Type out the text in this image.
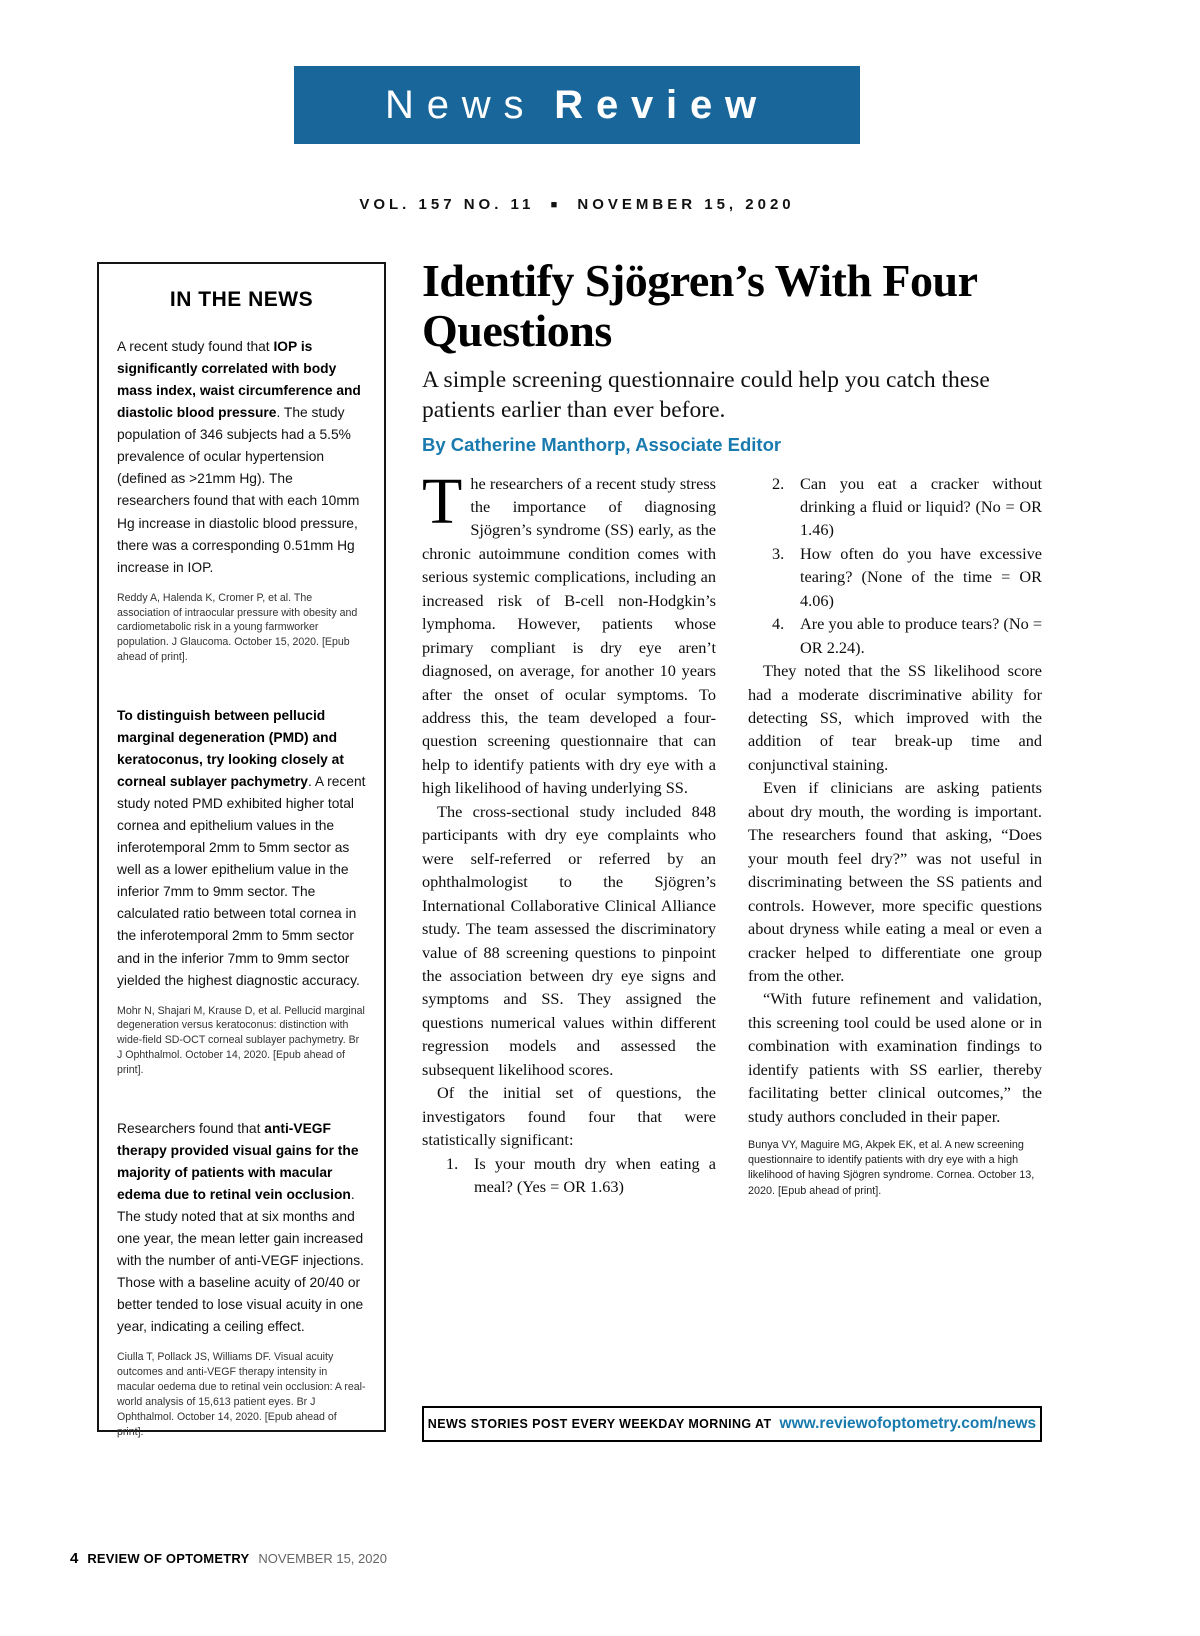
News Review
VOL. 157 NO. 11 ■ NOVEMBER 15, 2020
IN THE NEWS

A recent study found that IOP is significantly correlated with body mass index, waist circumference and diastolic blood pressure. The study population of 346 subjects had a 5.5% prevalence of ocular hypertension (defined as >21mm Hg). The researchers found that with each 10mm Hg increase in diastolic blood pressure, there was a corresponding 0.51mm Hg increase in IOP.

Reddy A, Halenda K, Cromer P, et al. The association of intraocular pressure with obesity and cardiometabolic risk in a young farmworker population. J Glaucoma. October 15, 2020. [Epub ahead of print].

To distinguish between pellucid marginal degeneration (PMD) and keratoconus, try looking closely at corneal sublayer pachymetry. A recent study noted PMD exhibited higher total cornea and epithelium values in the inferotemporal 2mm to 5mm sector as well as a lower epithelium value in the inferior 7mm to 9mm sector. The calculated ratio between total cornea in the inferotemporal 2mm to 5mm sector and in the inferior 7mm to 9mm sector yielded the highest diagnostic accuracy.

Mohr N, Shajari M, Krause D, et al. Pellucid marginal degeneration versus keratoconus: distinction with wide-field SD-OCT corneal sublayer pachymetry. Br J Ophthalmol. October 14, 2020. [Epub ahead of print].

Researchers found that anti-VEGF therapy provided visual gains for the majority of patients with macular edema due to retinal vein occlusion. The study noted that at six months and one year, the mean letter gain increased with the number of anti-VEGF injections. Those with a baseline acuity of 20/40 or better tended to lose visual acuity in one year, indicating a ceiling effect.

Ciulla T, Pollack JS, Williams DF. Visual acuity outcomes and anti-VEGF therapy intensity in macular oedema due to retinal vein occlusion: A real-world analysis of 15,613 patient eyes. Br J Ophthalmol. October 14, 2020. [Epub ahead of print].

Identify Sjögren’s With Four Questions

A simple screening questionnaire could help you catch these patients earlier than ever before.

By Catherine Manthorp, Associate Editor

The researchers of a recent study stress the importance of diagnosing Sjögren’s syndrome (SS) early, as the chronic autoimmune condition comes with serious systemic complications, including an increased risk of B-cell non-Hodgkin’s lymphoma. However, patients whose primary compliant is dry eye aren’t diagnosed, on average, for another 10 years after the onset of ocular symptoms. To address this, the team developed a four-question screening questionnaire that can help to identify patients with dry eye with a high likelihood of having underlying SS.

The cross-sectional study included 848 participants with dry eye complaints who were self-referred or referred by an ophthalmologist to the Sjögren’s International Collaborative Clinical Alliance study. The team assessed the discriminatory value of 88 screening questions to pinpoint the association between dry eye signs and symptoms and SS. They assigned the questions numerical values within different regression models and assessed the subsequent likelihood scores.

Of the initial set of questions, the investigators found four that were statistically significant:

1. Is your mouth dry when eating a meal? (Yes = OR 1.63)
2. Can you eat a cracker without drinking a fluid or liquid? (No = OR 1.46)
3. How often do you have excessive tearing? (None of the time = OR 4.06)
4. Are you able to produce tears? (No = OR 2.24).

They noted that the SS likelihood score had a moderate discriminative ability for detecting SS, which improved with the addition of tear break-up time and conjunctival staining.

Even if clinicians are asking patients about dry mouth, the wording is important. The researchers found that asking, “Does your mouth feel dry?” was not useful in discriminating between the SS patients and controls. However, more specific questions about dryness while eating a meal or even a cracker helped to differentiate one group from the other.

“With future refinement and validation, this screening tool could be used alone or in combination with examination findings to identify patients with SS earlier, thereby facilitating better clinical outcomes,” the study authors concluded in their paper.

Bunya VY, Maguire MG, Akpek EK, et al. A new screening questionnaire to identify patients with dry eye with a high likelihood of having Sjögren syndrome. Cornea. October 13, 2020. [Epub ahead of print].

NEWS STORIES POST EVERY WEEKDAY MORNING AT www.reviewofoptometry.com/news
4 REVIEW OF OPTOMETRY NOVEMBER 15, 2020
